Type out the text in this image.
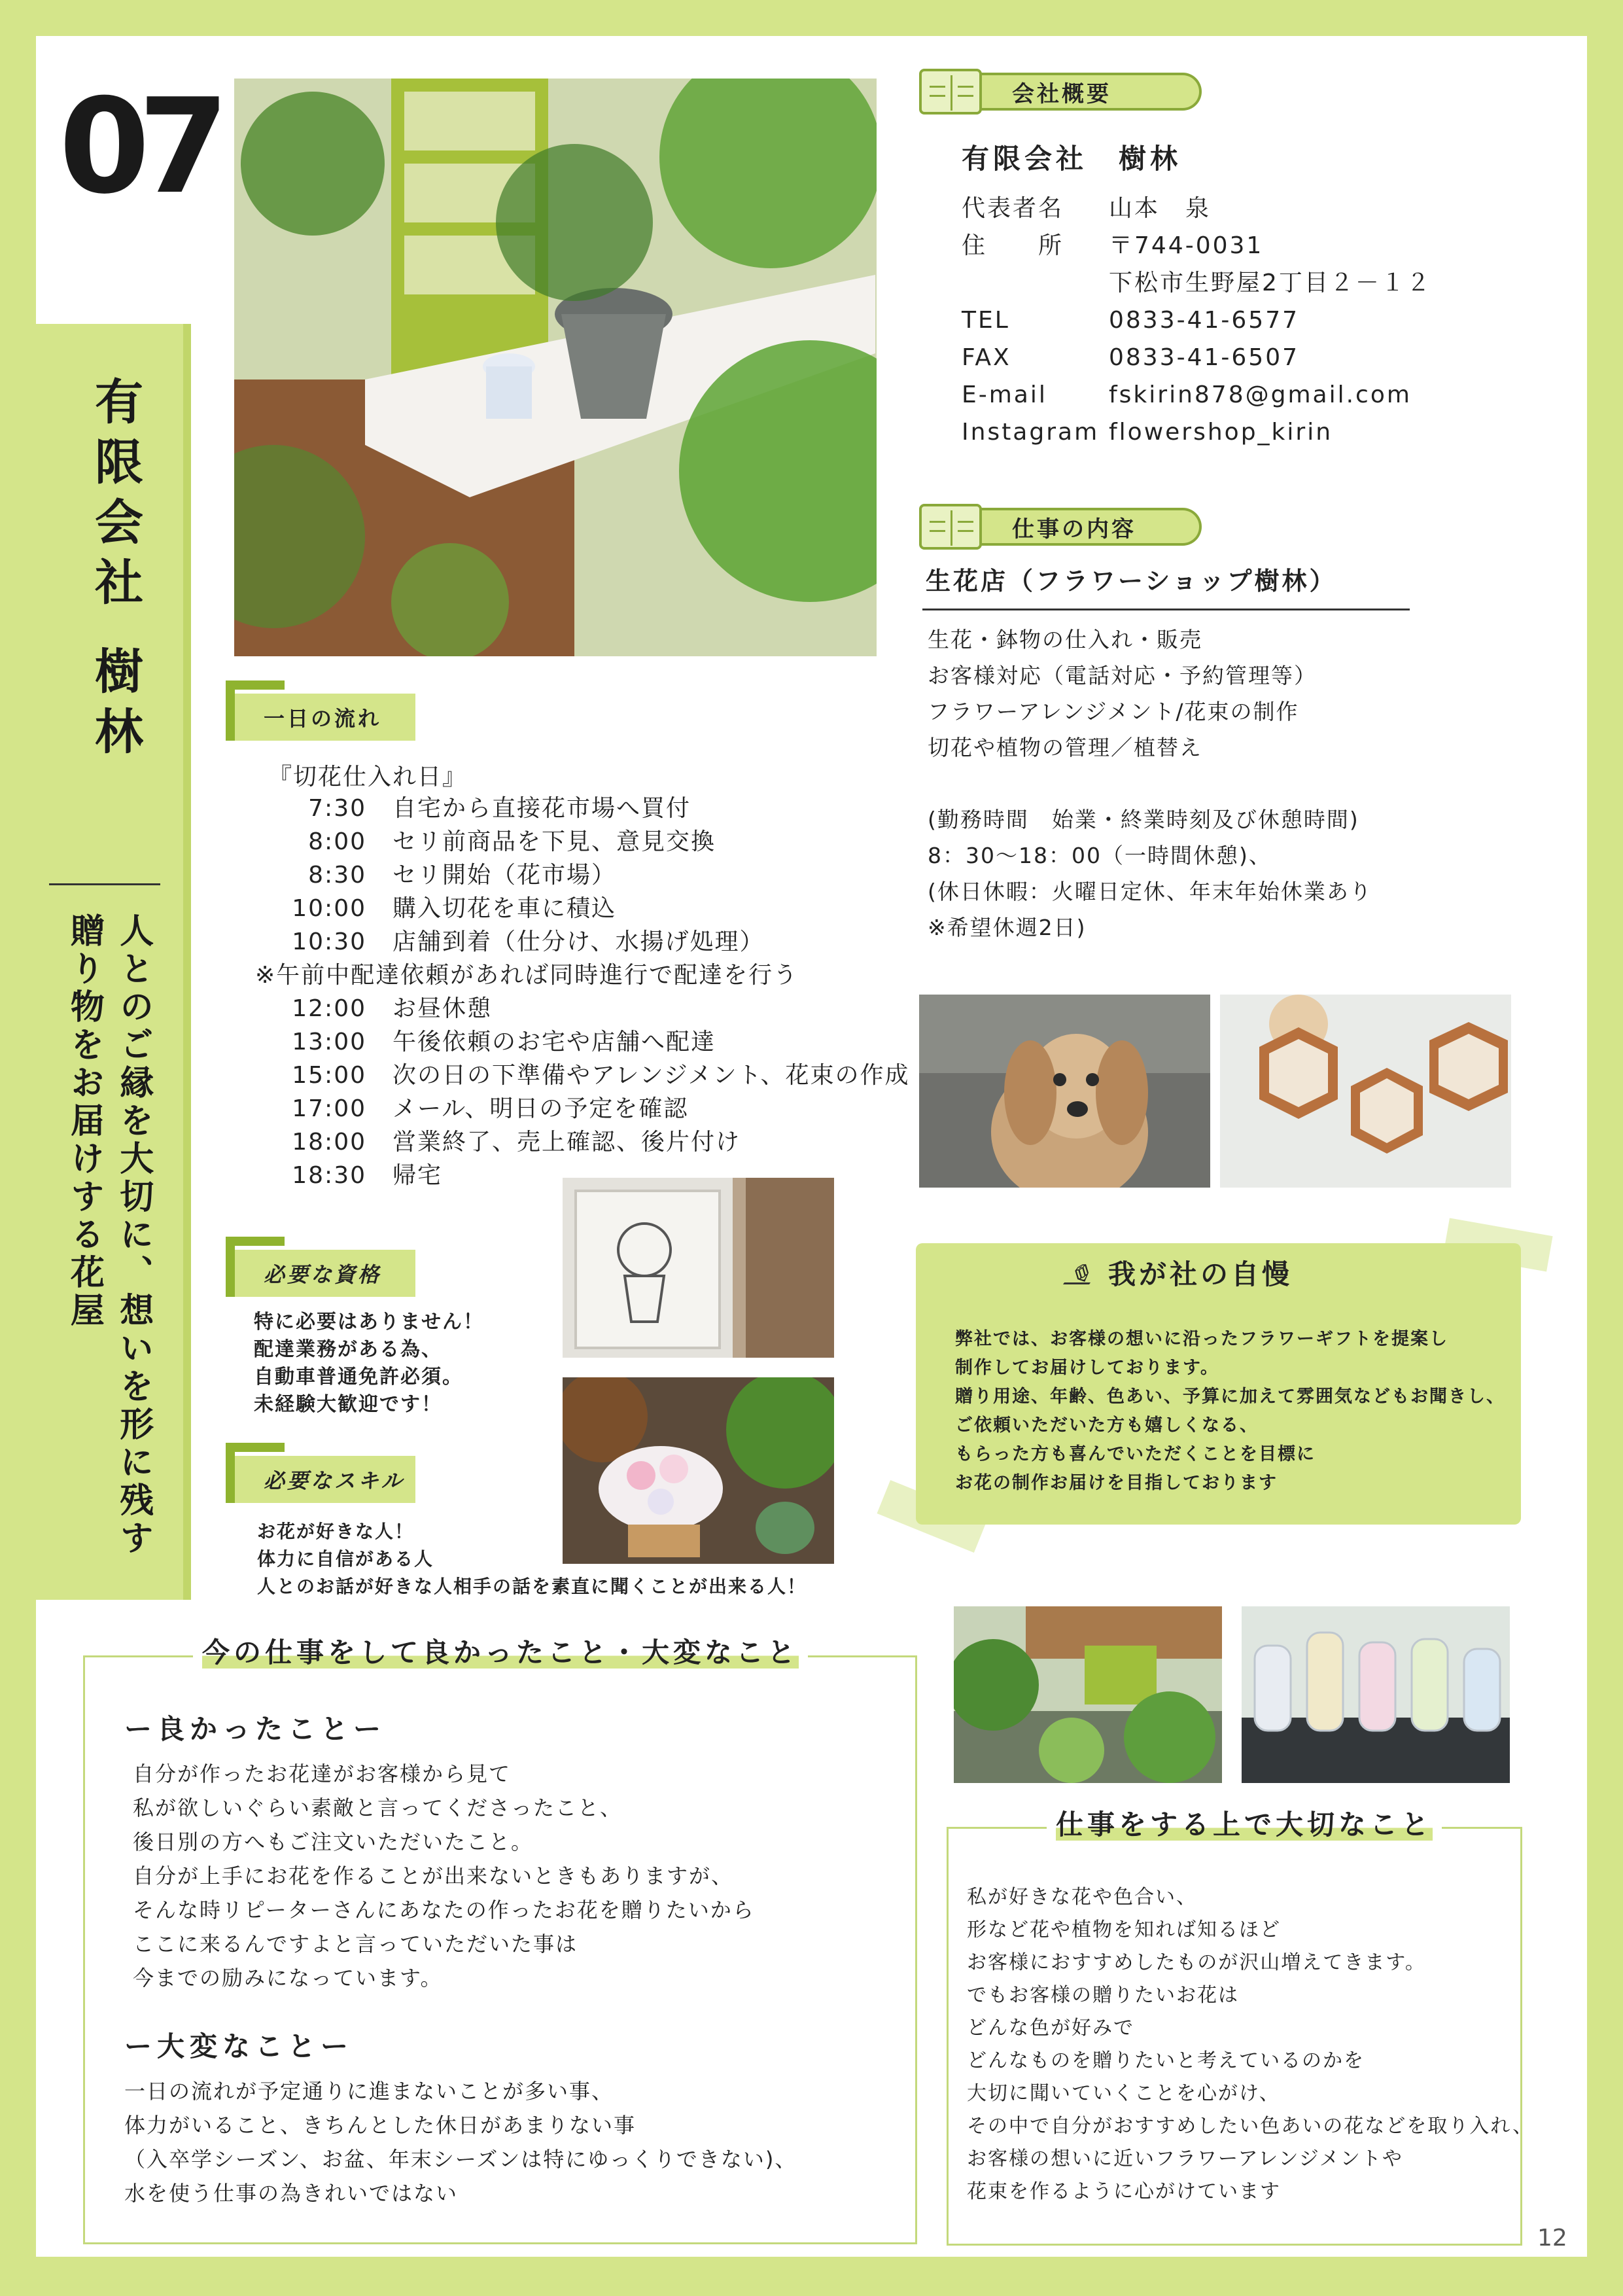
07
有限会社 樹林
人とのご縁を大切に、想いを形に残す贈り物をお届けする花屋
会社概要
有限会社　樹林
代表者名	山本　泉
住　　所	〒744-0031
下松市生野屋2丁目２－１２
TEL	0833-41-6577
FAX	0833-41-6507
E-mail	fskirin878@gmail.com
Instagram flowershop_kirin
仕事の内容
生花店（フラワーショップ樹林）
生花・鉢物の仕入れ・販売
お客様対応（電話対応・予約管理等）
フラワーアレンジメント/花束の制作
切花や植物の管理／植替え
(勤務時間　始業・終業時刻及び休憩時間)
8：30～18：00（一時間休憩)、
(休日休暇：火曜日定休、年末年始休業あり
※希望休週2日)
一日の流れ
『切花仕入れ日』
7:30	自宅から直接花市場へ買付
8:00	セリ前商品を下見、意見交換
8:30	セリ開始（花市場）
10:00	購入切花を車に積込
10:30	店舗到着（仕分け、水揚げ処理）
※午前中配達依頼があれば同時進行で配達を行う
12:00	お昼休憩
13:00	午後依頼のお宅や店舗へ配達
15:00	次の日の下準備やアレンジメント、花束の作成
17:00	メール、明日の予定を確認
18:00	営業終了、売上確認、後片付け
18:30	帰宅
必要な資格
特に必要はありません！
配達業務がある為、
自動車普通免許必須。
未経験大歓迎です！
必要なスキル
お花が好きな人！
体力に自信がある人
人とのお話が好きな人相手の話を素直に聞くことが出来る人！
✎我が社の自慢
弊社では、お客様の想いに沿ったフラワーギフトを提案し
制作してお届けしております。
贈り用途、年齢、色あい、予算に加えて雰囲気などもお聞きし、
ご依頼いただいた方も嬉しくなる、
もらった方も喜んでいただくことを目標に
お花の制作お届けを目指しております
今の仕事をして良かったこと・大変なこと
ー良かったことー
自分が作ったお花達がお客様から見て
私が欲しいぐらい素敵と言ってくださったこと、
後日別の方へもご注文いただいたこと。
自分が上手にお花を作ることが出来ないときもありますが、
そんな時リピーターさんにあなたの作ったお花を贈りたいから
ここに来るんですよと言っていただいた事は
今までの励みになっています。
ー大変なことー
一日の流れが予定通りに進まないことが多い事、
体力がいること、きちんとした休日があまりない事
（入卒学シーズン、お盆、年末シーズンは特にゆっくりできない)、
水を使う仕事の為きれいではない
仕事をする上で大切なこと
私が好きな花や色合い、
形など花や植物を知れば知るほど
お客様におすすめしたものが沢山増えてきます。
でもお客様の贈りたいお花は
どんな色が好みで
どんなものを贈りたいと考えているのかを
大切に聞いていくことを心がけ、
その中で自分がおすすめしたい色あいの花などを取り入れ、
お客様の想いに近いフラワーアレンジメントや
花束を作るように心がけています
12
